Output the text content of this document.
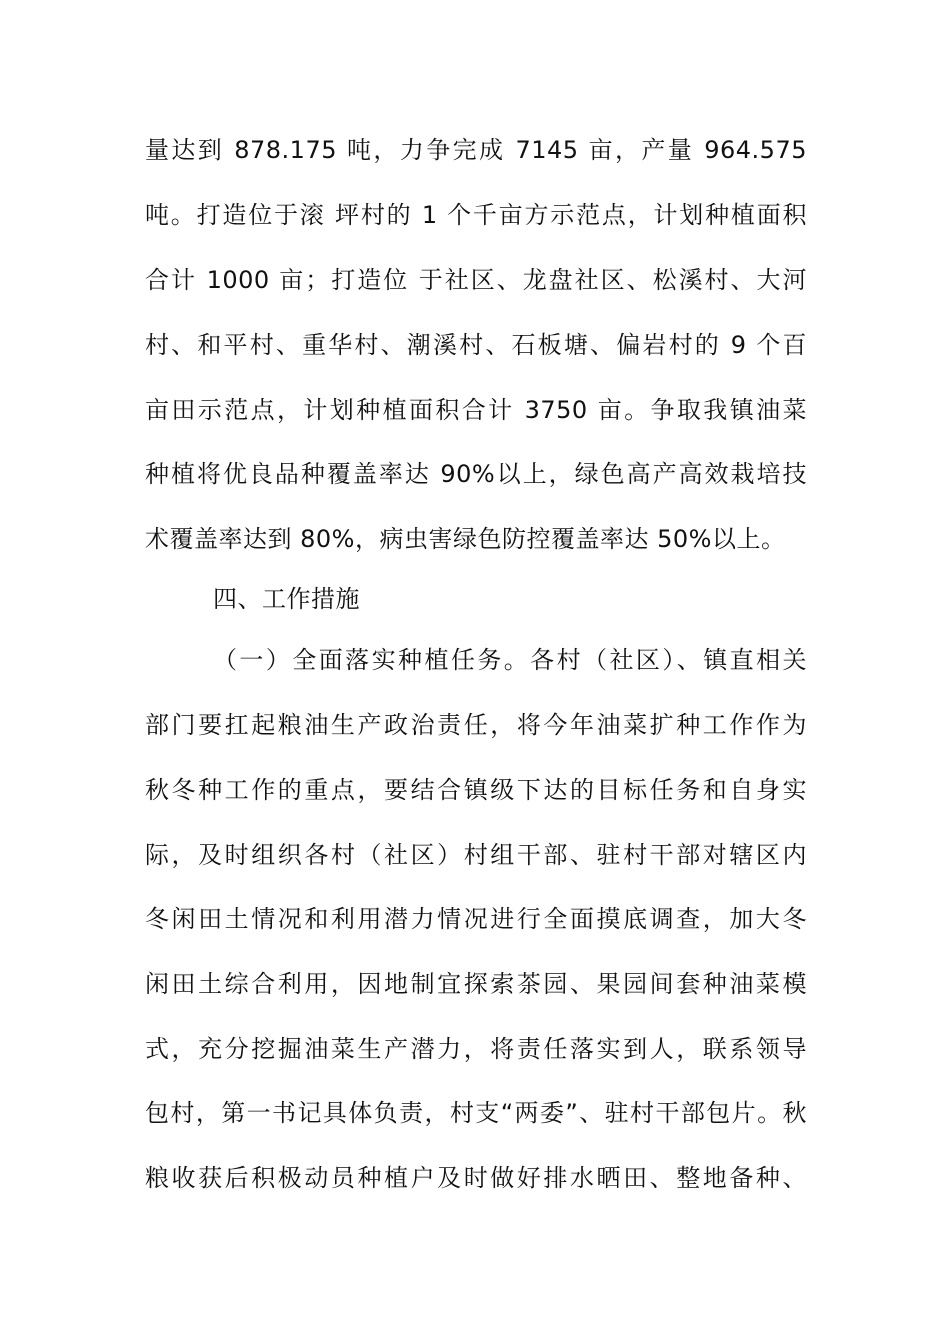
量达到 878.175 吨，力争完成 7145 亩，产量 964.575
吨。打造位于滚 坪村的 1 个千亩方示范点，计划种植面积
合计 1000 亩；打造位 于社区、龙盘社区、松溪村、大河
村、和平村、重华村、潮溪村、石板塘、偏岩村的 9 个百
亩田示范点，计划种植面积合计 3750 亩。争取我镇油菜
种植将优良品种覆盖率达 90%以上，绿色高产高效栽培技
术覆盖率达到 80%，病虫害绿色防控覆盖率达 50%以上。
四、工作措施
（一）全面落实种植任务。各村（社区）、镇直相关
部门要扛起粮油生产政治责任，将今年油菜扩种工作作为
秋冬种工作的重点，要结合镇级下达的目标任务和自身实
际，及时组织各村（社区）村组干部、驻村干部对辖区内
冬闲田土情况和利用潜力情况进行全面摸底调查，加大冬
闲田土综合利用，因地制宜探索茶园、果园间套种油菜模
式，充分挖掘油菜生产潜力，将责任落实到人，联系领导
包村，第一书记具体负责，村支“两委”、驻村干部包片。秋
粮收获后积极动员种植户及时做好排水晒田、整地备种、
